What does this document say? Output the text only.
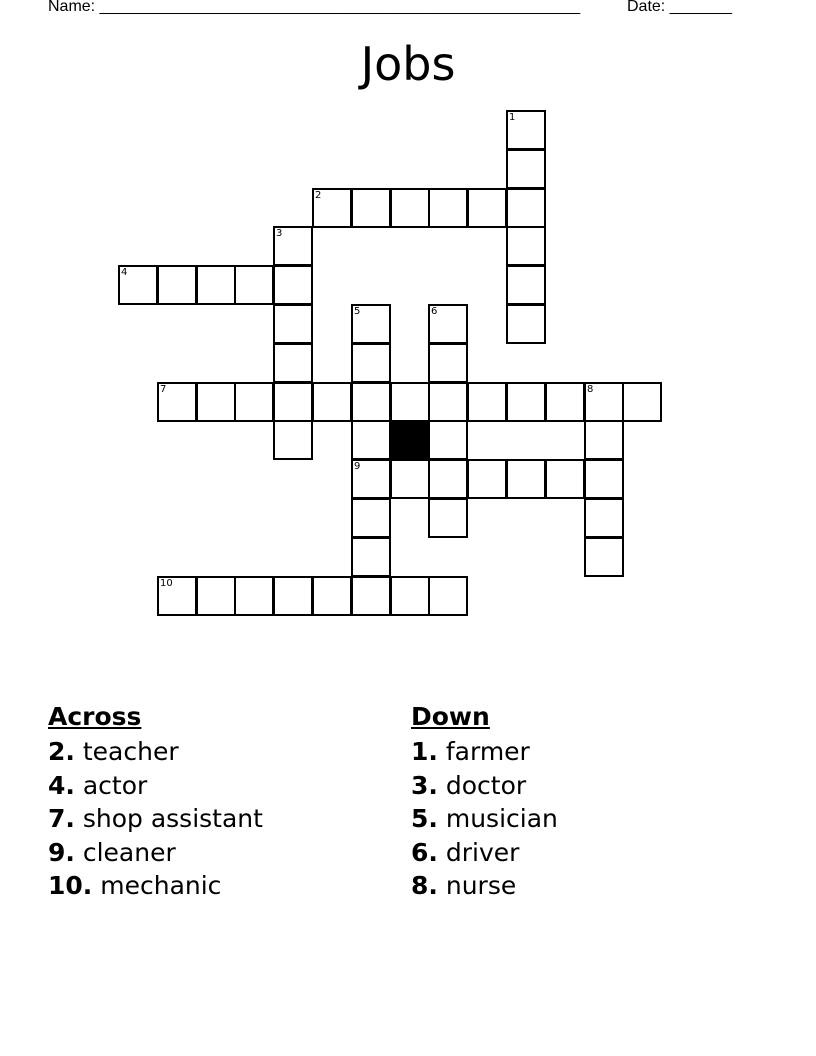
Name: ______________________________________________________	Date: _______
Jobs
1
2
3
4
5
9
6
7	8
10
Across
2. teacher
4. actor
7. shop assistant
9. cleaner
10. mechanic
Down
1. farmer
3. doctor
5. musician
6. driver
8. nurse
